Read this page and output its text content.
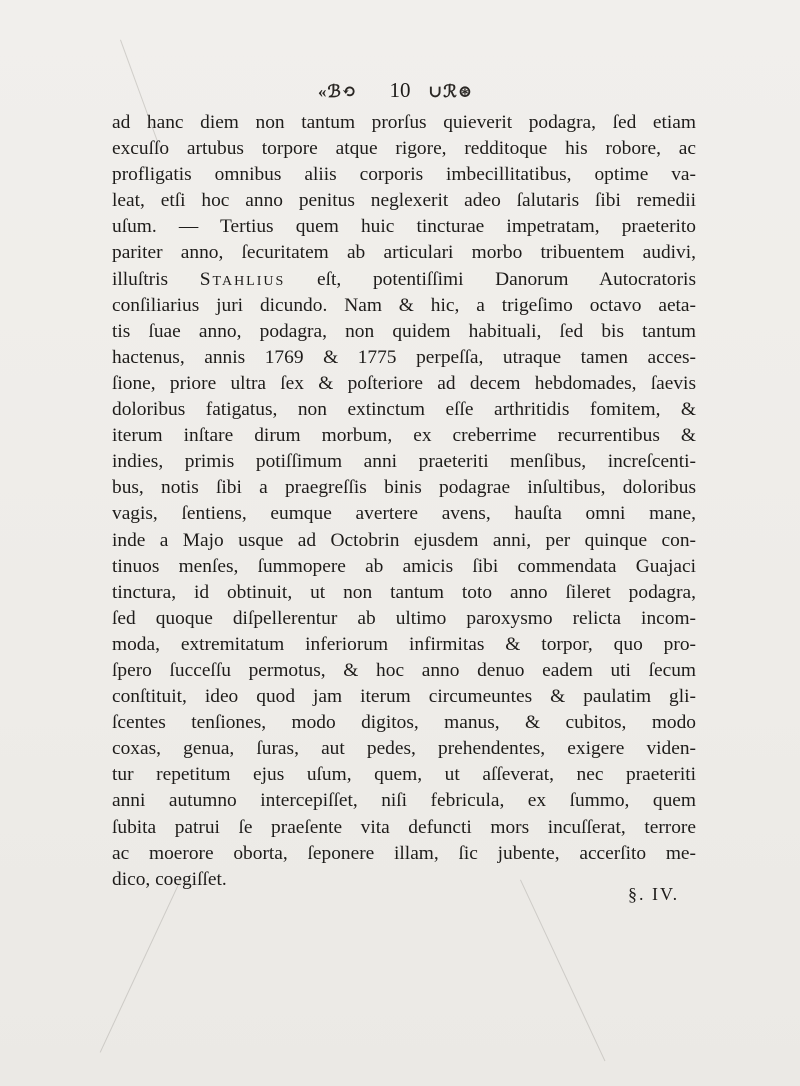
«ℬ⟲	10	∪ℛ⊛
ad hanc diem non tantum prorſus quieverit podagra, ſed etiam
excuſſo artubus torpore atque rigore, redditoque his robore, ac
profligatis omnibus aliis corporis imbecillitatibus, optime va-
leat, etſi hoc anno penitus neglexerit adeo ſalutaris ſibi remedii
uſum. — Tertius quem huic tincturae impetratam, praeterito
pariter anno, ſecuritatem ab articulari morbo tribuentem audivi,
illuſtris Stahlius eſt, potentiſſimi Danorum Autocratoris
conſiliarius juri dicundo. Nam & hic, a trigeſimo octavo aeta-
tis ſuae anno, podagra, non quidem habituali, ſed bis tantum
hactenus, annis 1769 & 1775 perpeſſa, utraque tamen acces-
ſione, priore ultra ſex & poſteriore ad decem hebdomades, ſaevis
doloribus fatigatus, non extinctum eſſe arthritidis fomitem, &
iterum inſtare dirum morbum, ex creberrime recurrentibus &
indies, primis potiſſimum anni praeteriti menſibus, increſcenti-
bus, notis ſibi a praegreſſis binis podagrae inſultibus, doloribus
vagis, ſentiens, eumque avertere avens, hauſta omni mane,
inde a Majo usque ad Octobrin ejusdem anni, per quinque con-
tinuos menſes, ſummopere ab amicis ſibi commendata Guajaci
tinctura, id obtinuit, ut non tantum toto anno ſileret podagra,
ſed quoque diſpellerentur ab ultimo paroxysmo relicta incom-
moda, extremitatum inferiorum infirmitas & torpor, quo pro-
ſpero ſucceſſu permotus, & hoc anno denuo eadem uti ſecum
conſtituit, ideo quod jam iterum circumeuntes & paulatim gli-
ſcentes tenſiones, modo digitos, manus, & cubitos, modo
coxas, genua, ſuras, aut pedes, prehendentes, exigere viden-
tur repetitum ejus uſum, quem, ut aſſeverat, nec praeteriti
anni autumno intercepiſſet, niſi febricula, ex ſummo, quem
ſubita patrui ſe praeſente vita defuncti mors incuſſerat, terrore
ac moerore oborta, ſeponere illam, ſic jubente, accerſito me-
dico, coegiſſet.
§. IV.
